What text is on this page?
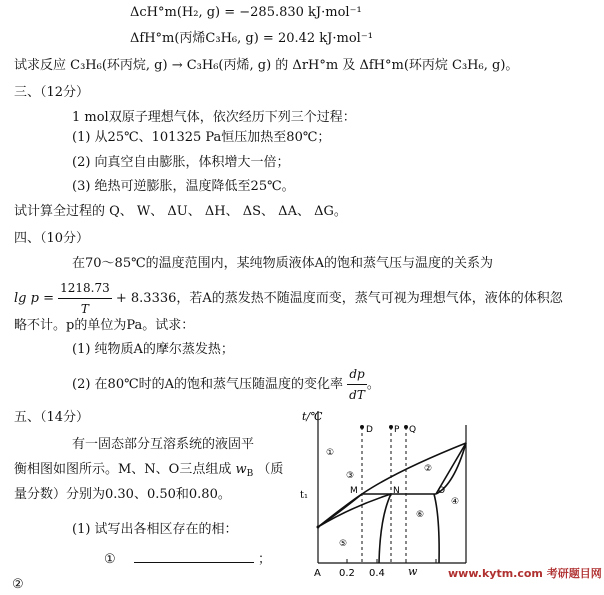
ΔcH°m(H₂, g) = −285.830 kJ·mol⁻¹
ΔfH°m(丙烯C₃H₆, g) = 20.42 kJ·mol⁻¹
试求反应 C₃H₆(环丙烷, g) → C₃H₆(丙烯, g) 的 ΔrH°m 及 ΔfH°m(环丙烷 C₃H₆, g)。
三、（12分）
1 mol双原子理想气体，依次经历下列三个过程：
(1) 从25℃、101325 Pa恒压加热至80℃；
(2) 向真空自由膨胀，体积增大一倍；
(3) 绝热可逆膨胀，温度降低至25℃。
试计算全过程的 Q、 W、 ΔU、 ΔH、 ΔS、 ΔA、 ΔG。
四、（10分）
在70～85℃的温度范围内，某纯物质液体A的饱和蒸气压与温度的关系为
$\lg p = \frac{1218.73}{T} + 8.3336$，若A的蒸发热不随温度而变，蒸气可视为理想气体，液体的体积忽
略不计。p的单位为Pa。试求：
(1) 纯物质A的摩尔蒸发热；
(2) 在80℃时的A的饱和蒸气压随温度的变化率 $\frac{dp}{dT}$ 。
五、（14分）
有一固态部分互溶系统的液固平
衡相图如图所示。M、N、O三点组成 $w_B$ （质
量分数）分别为0.30、0.50和0.80。
(1) 试写出各相区存在的相：
①	；
②
t/℃
t₁
D P Q
M	N	O
①
②
③
④
⑤
⑥
A 0.2 0.4 w	www.kytm.com 考研题目网
